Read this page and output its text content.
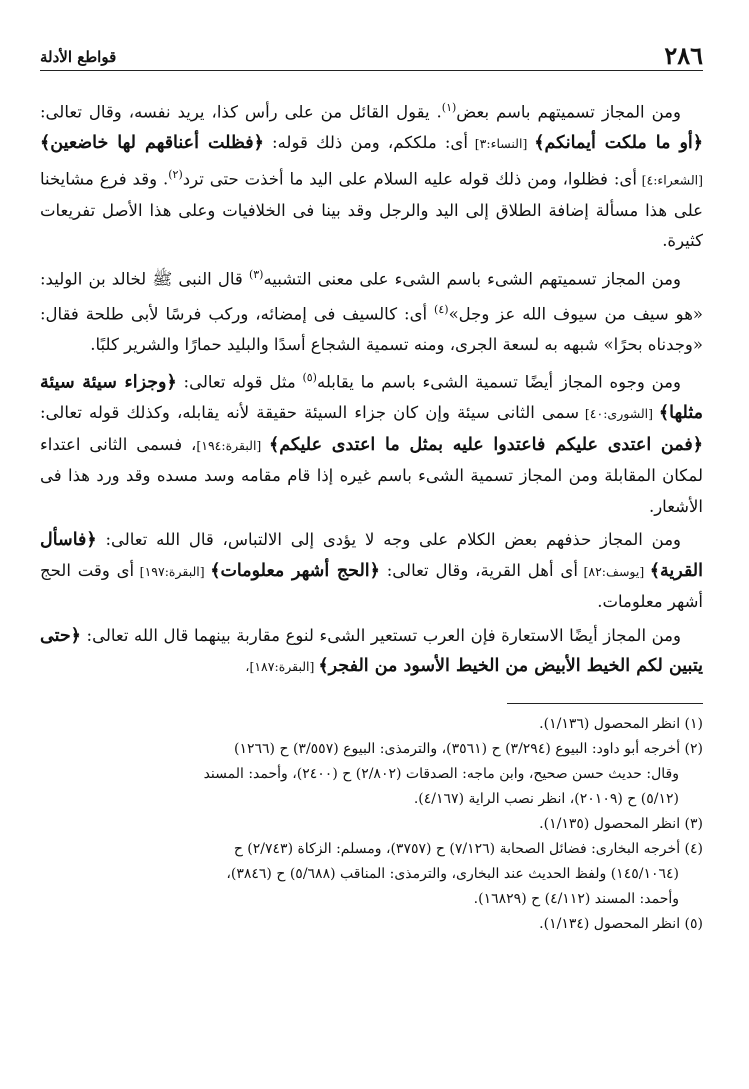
٢٨٦
قواطع الأدلة

ومن المجاز تسميتهم باسم بعض$^{(١)}$. يقول القائل من على رأس كذا، يريد نفسه، وقال تعالى: ﴿أو ما ملكت أيمانكم﴾ [النساء:٣] أى: ملككم، ومن ذلك قوله: ﴿فظلت أعناقهم لها خاضعين﴾ [الشعراء:٤] أى: فظلوا، ومن ذلك قوله عليه السلام على اليد ما أخذت حتى ترد$^{(٢)}$. وقد فرع مشايخنا على هذا مسألة إضافة الطلاق إلى اليد والرجل وقد بينا فى الخلافيات وعلى هذا الأصل تفريعات كثيرة.

ومن المجاز تسميتهم الشىء باسم الشىء على معنى التشبيه$^{(٣)}$ قال النبى ﷺ لخالد بن الوليد: «هو سيف من سيوف الله عز وجل»$^{(٤)}$ أى: كالسيف فى إمضائه، وركب فرسًا لأبى طلحة فقال: «وجدناه بحرًا» شبهه به لسعة الجرى، ومنه تسمية الشجاع أسدًا والبليد حمارًا والشرير كلبًا.

ومن وجوه المجاز أيضًا تسمية الشىء باسم ما يقابله$^{(٥)}$ مثل قوله تعالى: ﴿وجزاء سيئة سيئة مثلها﴾ [الشورى:٤٠] سمى الثانى سيئة وإن كان جزاء السيئة حقيقة لأنه يقابله، وكذلك قوله تعالى: ﴿فمن اعتدى عليكم فاعتدوا عليه بمثل ما اعتدى عليكم﴾ [البقرة:١٩٤]، فسمى الثانى اعتداء لمكان المقابلة ومن المجاز تسمية الشىء باسم غيره إذا قام مقامه وسد مسده وقد ورد هذا فى الأشعار.

ومن المجاز حذفهم بعض الكلام على وجه لا يؤدى إلى الالتباس، قال الله تعالى: ﴿فاسأل القرية﴾ [يوسف:٨٢] أى أهل القرية، وقال تعالى: ﴿الحج أشهر معلومات﴾ [البقرة:١٩٧] أى وقت الحج أشهر معلومات.

ومن المجاز أيضًا الاستعارة فإن العرب تستعير الشىء لنوع مقاربة بينهما قال الله تعالى: ﴿حتى يتبين لكم الخيط الأبيض من الخيط الأسود من الفجر﴾ [البقرة:١٨٧]،

(١) انظر المحصول (١/١٣٦).
(٢) أخرجه أبو داود: البيوع (٣/٢٩٤) ح (٣٥٦١)، والترمذى: البيوع (٣/٥٥٧) ح (١٢٦٦)
وقال: حديث حسن صحيح، وابن ماجه: الصدقات (٢/٨٠٢) ح (٢٤٠٠)، وأحمد: المسند
(٥/١٢) ح (٢٠١٠٩)، انظر نصب الراية (٤/١٦٧).
(٣) انظر المحصول (١/١٣٥).
(٤) أخرجه البخارى: فضائل الصحابة (٧/١٢٦) ح (٣٧٥٧)، ومسلم: الزكاة (٢/٧٤٣) ح
(١٤٥/١٠٦٤) ولفظ الحديث عند البخارى، والترمذى: المناقب (٥/٦٨٨) ح (٣٨٤٦)،
وأحمد: المسند (٤/١١٢) ح (١٦٨٢٩).
(٥) انظر المحصول (١/١٣٤).
